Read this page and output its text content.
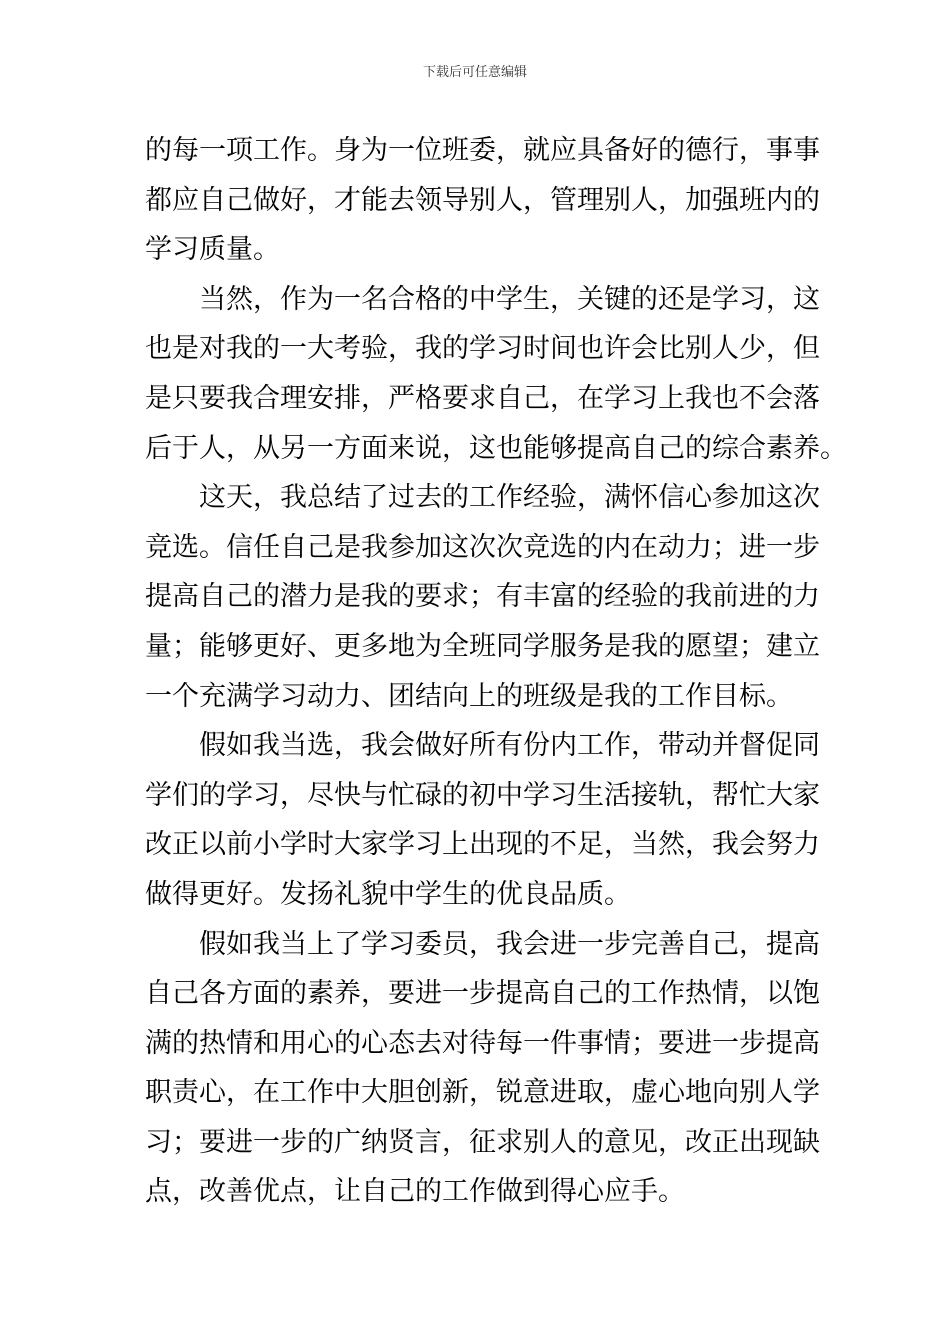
下载后可任意编辑
的每一项工作。身为一位班委，就应具备好的德行，事事
都应自己做好，才能去领导别人，管理别人，加强班内的
学习质量。
当然，作为一名合格的中学生，关键的还是学习，这
也是对我的一大考验，我的学习时间也许会比别人少，但
是只要我合理安排，严格要求自己，在学习上我也不会落
后于人，从另一方面来说，这也能够提高自己的综合素养。
这天，我总结了过去的工作经验，满怀信心参加这次
竞选。信任自己是我参加这次次竞选的内在动力；进一步
提高自己的潜力是我的要求；有丰富的经验的我前进的力
量；能够更好、更多地为全班同学服务是我的愿望；建立
一个充满学习动力、团结向上的班级是我的工作目标。
假如我当选，我会做好所有份内工作，带动并督促同
学们的学习，尽快与忙碌的初中学习生活接轨，帮忙大家
改正以前小学时大家学习上出现的不足，当然，我会努力
做得更好。发扬礼貌中学生的优良品质。
假如我当上了学习委员，我会进一步完善自己，提高
自己各方面的素养，要进一步提高自己的工作热情，以饱
满的热情和用心的心态去对待每一件事情；要进一步提高
职责心，在工作中大胆创新，锐意进取，虚心地向别人学
习；要进一步的广纳贤言，征求别人的意见，改正出现缺
点，改善优点，让自己的工作做到得心应手。
